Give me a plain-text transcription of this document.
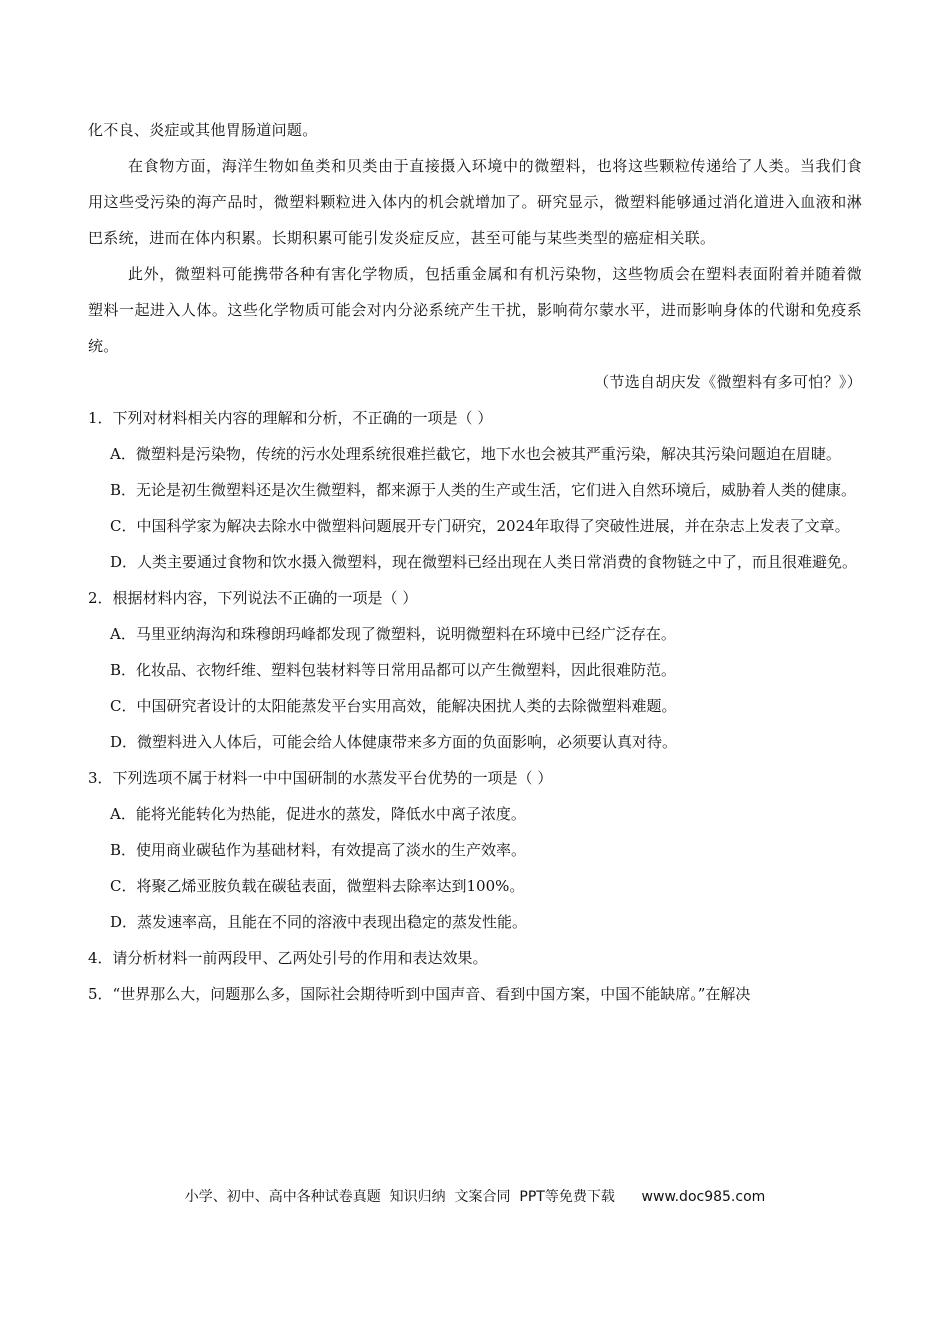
化不良、炎症或其他胃肠道问题。

在食物方面，海洋生物如鱼类和贝类由于直接摄入环境中的微塑料，也将这些颗粒传递给了人类。当我们食用这些受污染的海产品时，微塑料颗粒进入体内的机会就增加了。研究显示，微塑料能够通过消化道进入血液和淋巴系统，进而在体内积累。长期积累可能引发炎症反应，甚至可能与某些类型的癌症相关联。

此外，微塑料可能携带各种有害化学物质，包括重金属和有机污染物，这些物质会在塑料表面附着并随着微塑料一起进入人体。这些化学物质可能会对内分泌系统产生干扰，影响荷尔蒙水平，进而影响身体的代谢和免疫系统。

（节选自胡庆发《微塑料有多可怕？》）

1．下列对材料相关内容的理解和分析，不正确的一项是（ ）

A．微塑料是污染物，传统的污水处理系统很难拦截它，地下水也会被其严重污染，解决其污染问题迫在眉睫。

B．无论是初生微塑料还是次生微塑料，都来源于人类的生产或生活，它们进入自然环境后，威胁着人类的健康。

C．中国科学家为解决去除水中微塑料问题展开专门研究，2024年取得了突破性进展，并在杂志上发表了文章。

D．人类主要通过食物和饮水摄入微塑料，现在微塑料已经出现在人类日常消费的食物链之中了，而且很难避免。

2．根据材料内容，下列说法不正确的一项是（ ）

A．马里亚纳海沟和珠穆朗玛峰都发现了微塑料，说明微塑料在环境中已经广泛存在。

B．化妆品、衣物纤维、塑料包装材料等日常用品都可以产生微塑料，因此很难防范。

C．中国研究者设计的太阳能蒸发平台实用高效，能解决困扰人类的去除微塑料难题。

D．微塑料进入人体后，可能会给人体健康带来多方面的负面影响，必须要认真对待。

3．下列选项不属于材料一中中国研制的水蒸发平台优势的一项是（ ）

A．能将光能转化为热能，促进水的蒸发，降低水中离子浓度。

B．使用商业碳毡作为基础材料，有效提高了淡水的生产效率。

C．将聚乙烯亚胺负载在碳毡表面，微塑料去除率达到100%。

D．蒸发速率高，且能在不同的溶液中表现出稳定的蒸发性能。

4．请分析材料一前两段甲、乙两处引号的作用和表达效果。

5．“世界那么大，问题那么多，国际社会期待听到中国声音、看到中国方案，中国不能缺席。”在解决

小学、初中、高中各种试卷真题  知识归纳  文案合同  PPT等免费下载      www.doc985.com
